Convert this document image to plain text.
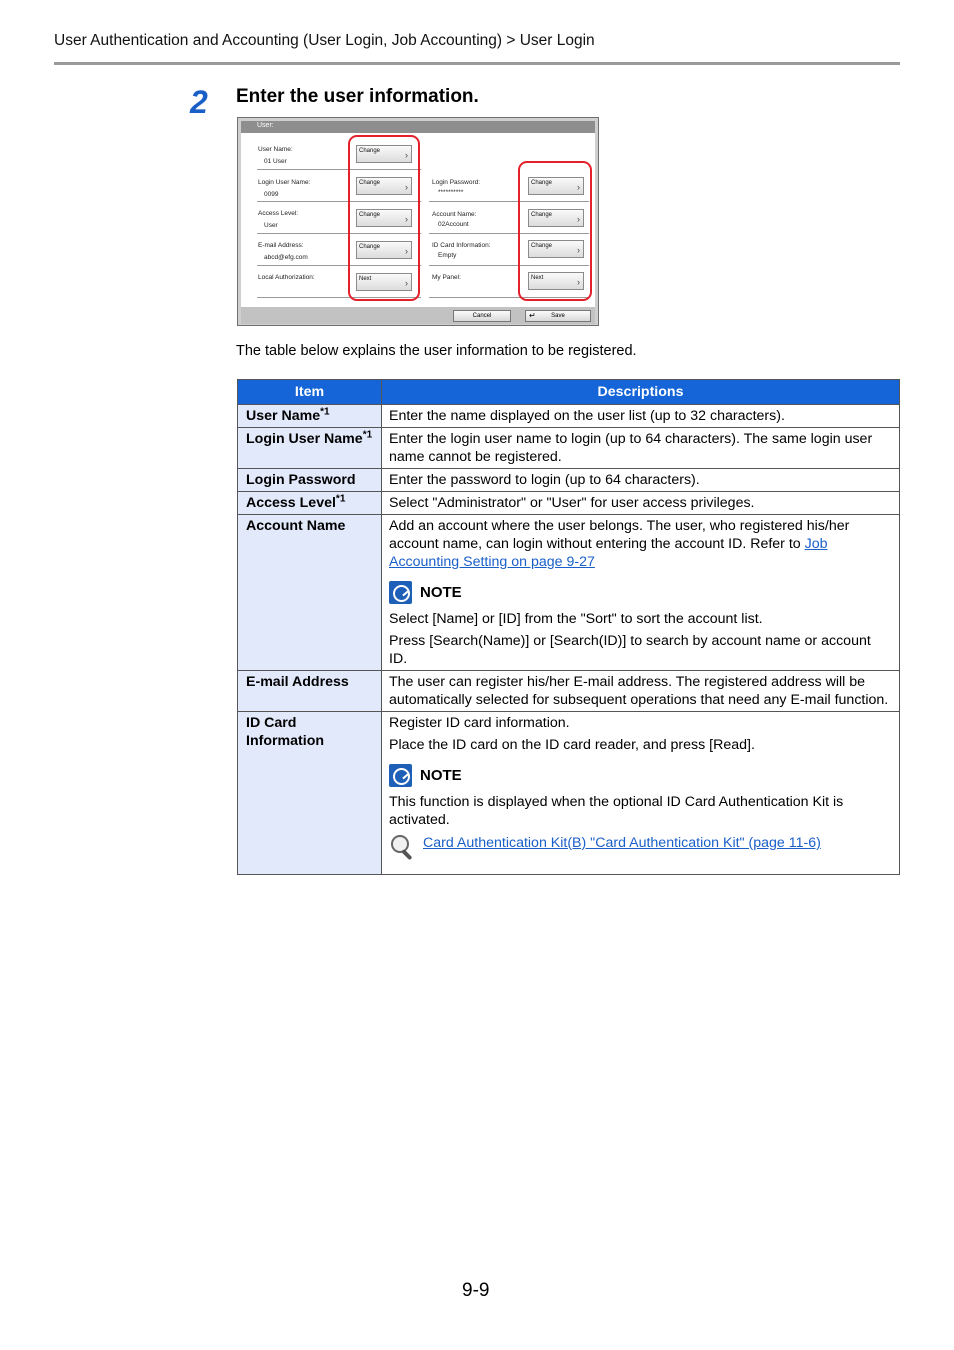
User Authentication and Accounting (User Login, Job Accounting) > User Login
2 Enter the user information.
User:
User Name:
01 User
Login User Name:
0099
Access Level:
User
E-mail Address:
abcd@efg.com
Local Authorization:
Change	›
Change	›
Change	›
Change	›
Next	›
Login Password:
**********
Account Name:
02Account
ID Card Information:
Empty
My Panel:
Change	›
Change	›
Change	›
Next	›
Cancel	↵	Save
The table below explains the user information to be registered.
Item	Descriptions
User Name$^{*1}$	Enter the name displayed on the user list (up to 32 characters).
Login User Name$^{*1}$	Enter the login user name to login (up to 64 characters). The same login user name cannot be registered.
Login Password	Enter the password to login (up to 64 characters).
Access Level$^{*1}$	Select "Administrator" or "User" for user access privileges.
Account Name	Add an account where the user belongs. The user, who registered his/her account name, can login without entering the account ID. Refer to Job Accounting Setting on page 9-27

NOTE

Select [Name] or [ID] from the "Sort" to sort the account list.

Press [Search(Name)] or [Search(ID)] to search by account name or account ID.

E-mail Address	The user can register his/her E-mail address. The registered address will be automatically selected for subsequent operations that need any E-mail function.
ID Card Information	Register ID card information.

Place the ID card on the ID card reader, and press [Read].

NOTE

This function is displayed when the optional ID Card Authentication Kit is activated.

Card Authentication Kit(B) "Card Authentication Kit" (page 11-6)
9-9
